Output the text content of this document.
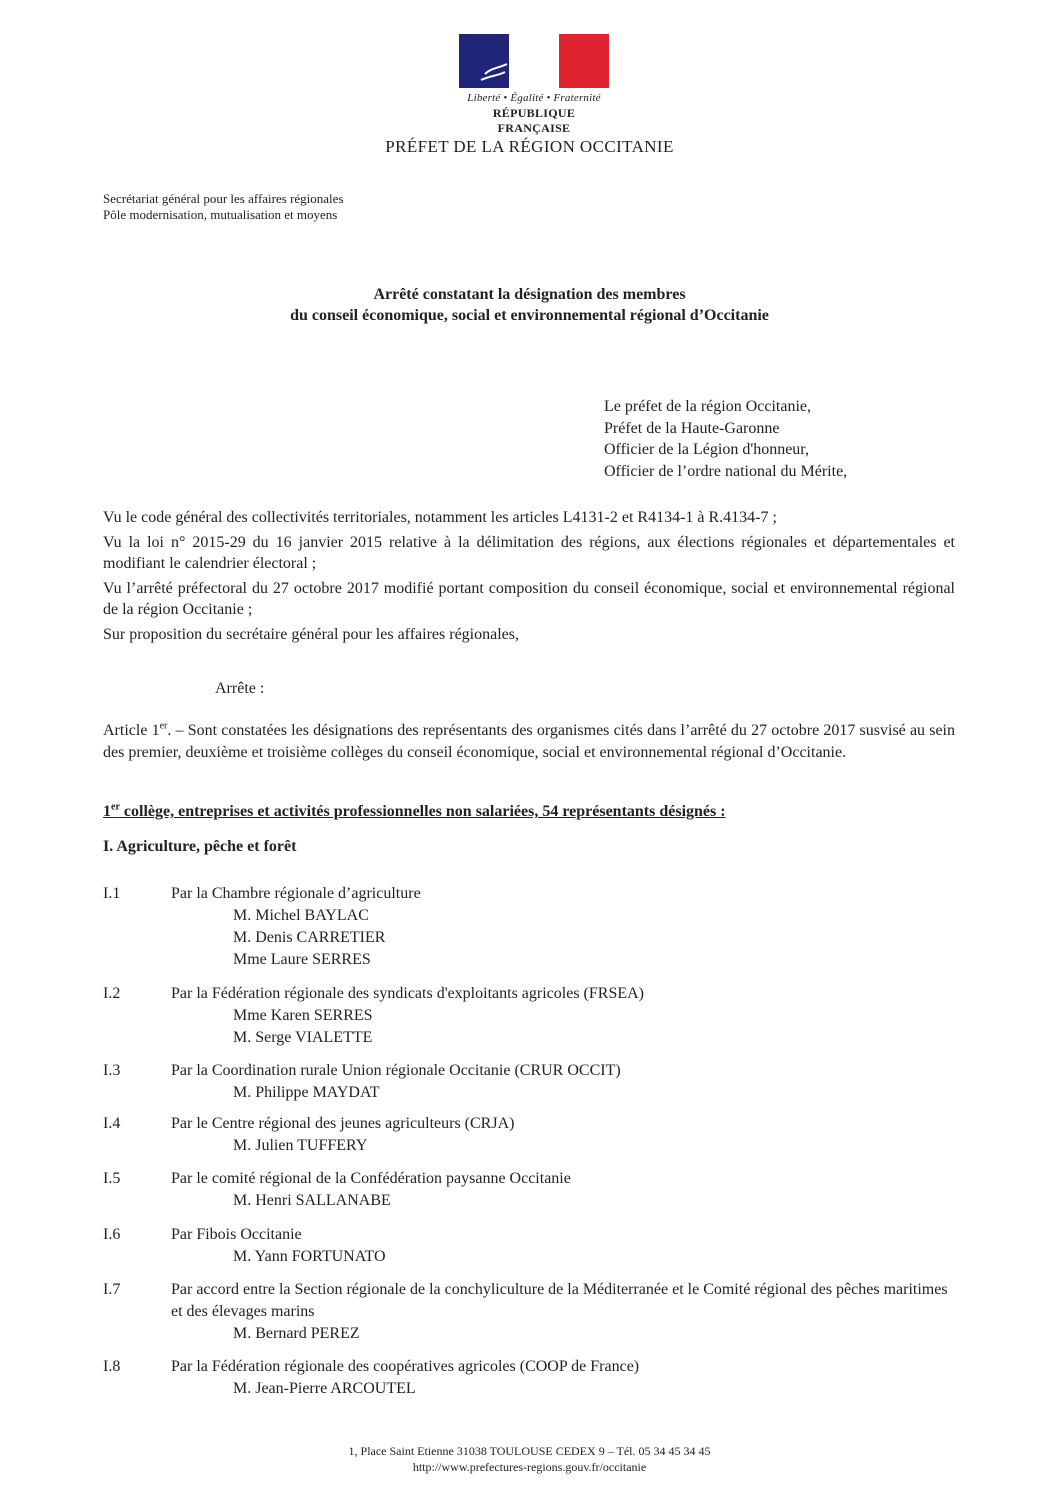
Liberté • Égalité • Fraternité
RÉPUBLIQUE FRANÇAISE
PRÉFET DE LA RÉGION OCCITANIE
Secrétariat général pour les affaires régionales
Pôle modernisation, mutualisation et moyens
Arrêté constatant la désignation des membres
du conseil économique, social et environnemental régional d’Occitanie
Le préfet de la région Occitanie,
Préfet de la Haute-Garonne
Officier de la Légion d'honneur,
Officier de l’ordre national du Mérite,

Vu le code général des collectivités territoriales, notamment les articles L4131-2 et R4134-1 à R.4134-7 ;

Vu la loi n° 2015-29 du 16 janvier 2015 relative à la délimitation des régions, aux élections régionales et départementales et modifiant le calendrier électoral ;

Vu l’arrêté préfectoral du 27 octobre 2017 modifié portant composition du conseil économique, social et environnemental régional de la région Occitanie ;

Sur proposition du secrétaire général pour les affaires régionales,

Arrête :
Article 1er. – Sont constatées les désignations des représentants des organismes cités dans l’arrêté du 27 octobre 2017 susvisé au sein des premier, deuxième et troisième collèges du conseil économique, social et environnemental régional d’Occitanie.
1er collège, entreprises et activités professionnelles non salariées, 54 représentants désignés :
I. Agriculture, pêche et forêt
I.1	Par la Chambre régionale d’agriculture
M. Michel BAYLAC
M. Denis CARRETIER
Mme Laure SERRES
I.2	Par la Fédération régionale des syndicats d'exploitants agricoles (FRSEA)
Mme Karen SERRES
M. Serge VIALETTE
I.3	Par la Coordination rurale Union régionale Occitanie (CRUR OCCIT)
M. Philippe MAYDAT
I.4	Par le Centre régional des jeunes agriculteurs (CRJA)
M. Julien TUFFERY
I.5	Par le comité régional de la Confédération paysanne Occitanie
M. Henri SALLANABE
I.6	Par Fibois Occitanie
M. Yann FORTUNATO
I.7	Par accord entre la Section régionale de la conchyliculture de la Méditerranée et le Comité régional des pêches maritimes et des élevages marins
M. Bernard PEREZ
I.8	Par la Fédération régionale des coopératives agricoles (COOP de France)
M. Jean-Pierre ARCOUTEL
1, Place Saint Etienne 31038 TOULOUSE CEDEX 9 – Tél. 05 34 45 34 45
http://www.prefectures-regions.gouv.fr/occitanie
